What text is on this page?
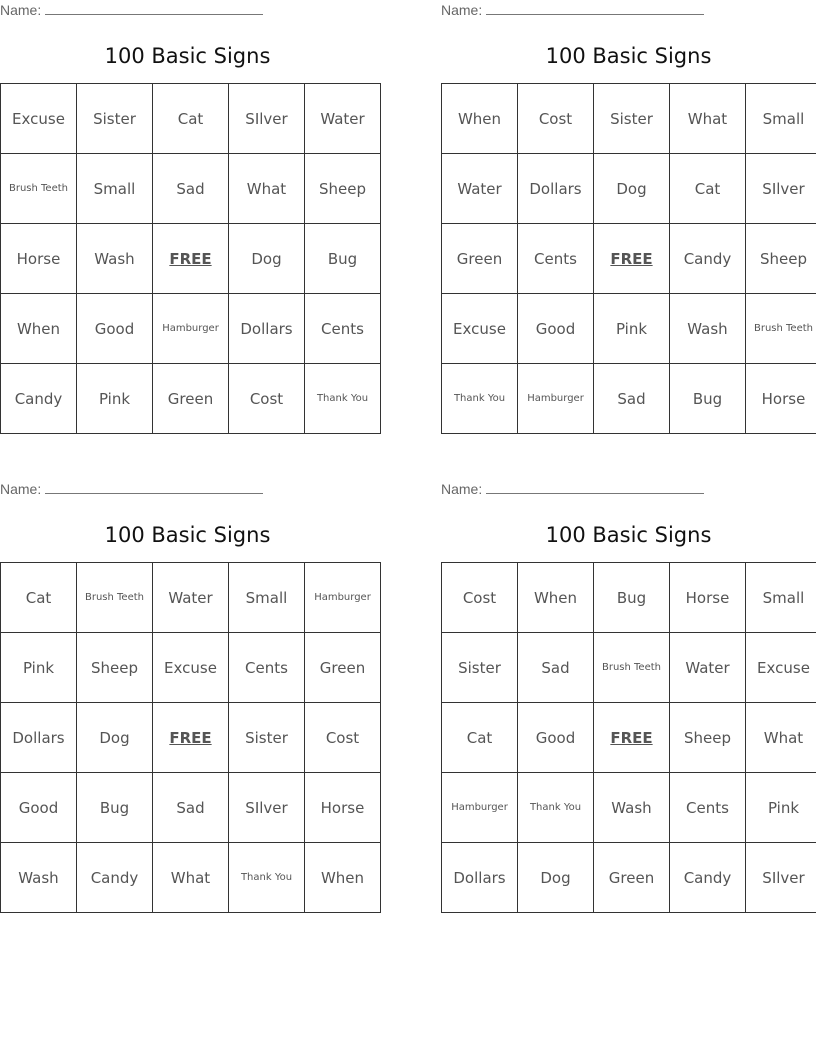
Name:
100 Basic Signs
Excuse	Sister	Cat	SIlver	Water
Brush Teeth	Small	Sad	What	Sheep
Horse	Wash	FREE	Dog	Bug
When	Good	Hamburger	Dollars	Cents
Candy	Pink	Green	Cost	Thank You
Name:
100 Basic Signs
When	Cost	Sister	What	Small
Water	Dollars	Dog	Cat	SIlver
Green	Cents	FREE	Candy	Sheep
Excuse	Good	Pink	Wash	Brush Teeth
Thank You	Hamburger	Sad	Bug	Horse
Name:
100 Basic Signs
Cat	Brush Teeth	Water	Small	Hamburger
Pink	Sheep	Excuse	Cents	Green
Dollars	Dog	FREE	Sister	Cost
Good	Bug	Sad	SIlver	Horse
Wash	Candy	What	Thank You	When
Name:
100 Basic Signs
Cost	When	Bug	Horse	Small
Sister	Sad	Brush Teeth	Water	Excuse
Cat	Good	FREE	Sheep	What
Hamburger	Thank You	Wash	Cents	Pink
Dollars	Dog	Green	Candy	SIlver
